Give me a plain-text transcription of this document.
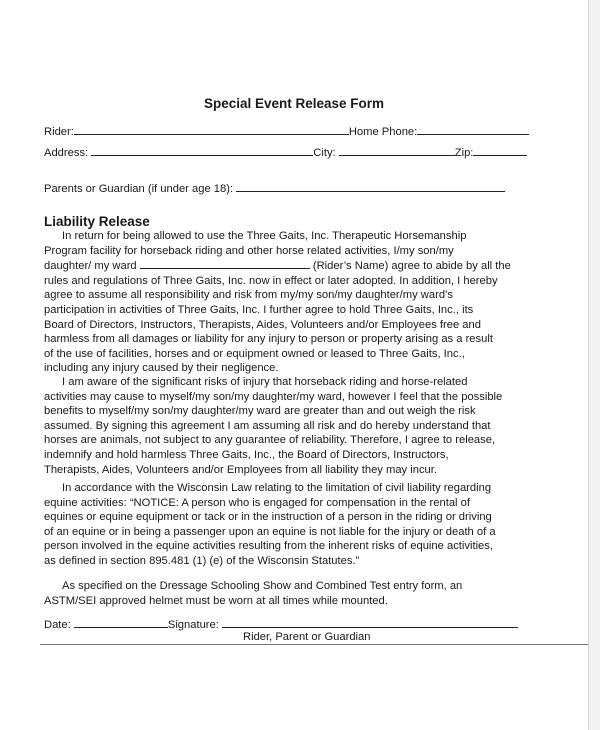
Special Event Release Form
Rider:	Home Phone:
Address:	City:	Zip:
Parents or Guardian (if under age 18):
Liability Release
In return for being allowed to use the Three Gaits, Inc. Therapeutic Horsemanship
Program facility for horseback riding and other horse related activities, I/my son/my
daughter/ my ward	(Rider’s Name) agree to abide by all the
rules and regulations of Three Gaits, Inc. now in effect or later adopted. In addition, I hereby
agree to assume all responsibility and risk from my/my son/my daughter/my ward’s
participation in activities of Three Gaits, Inc. I further agree to hold Three Gaits, Inc., its
Board of Directors, Instructors, Therapists, Aides, Volunteers and/or Employees free and
harmless from all damages or liability for any injury to person or property arising as a result
of the use of facilities, horses and or equipment owned or leased to Three Gaits, Inc.,
including any injury caused by their negligence.
I am aware of the significant risks of injury that horseback riding and horse-related
activities may cause to myself/my son/my daughter/my ward, however I feel that the possible
benefits to myself/my son/my daughter/my ward are greater than and out weigh the risk
assumed. By signing this agreement I am assuming all risk and do hereby understand that
horses are animals, not subject to any guarantee of reliability. Therefore, I agree to release,
indemnify and hold harmless Three Gaits, Inc., the Board of Directors, Instructors,
Therapists, Aides, Volunteers and/or Employees from all liability they may incur.
In accordance with the Wisconsin Law relating to the limitation of civil liability regarding
equine activities: “NOTICE: A person who is engaged for compensation in the rental of
equines or equine equipment or tack or in the instruction of a person in the riding or driving
of an equine or in being a passenger upon an equine is not liable for the injury or death of a
person involved in the equine activities resulting from the inherent risks of equine activities,
as defined in section 895.481 (1) (e) of the Wisconsin Statutes.”
As specified on the Dressage Schooling Show and Combined Test entry form, an
ASTM/SEI approved helmet must be worn at all times while mounted.
Date:	Signature:
Rider, Parent or Guardian
